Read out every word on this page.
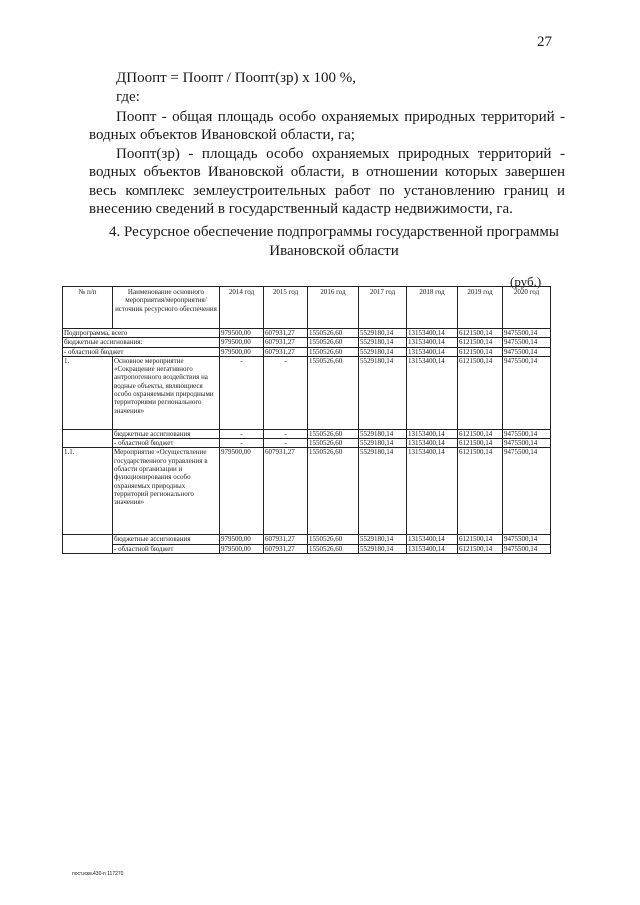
27
ДПоопт = Поопт / Поопт(зр) х 100 %,
где:
Поопт - общая площадь особо охраняемых природных территорий - водных объектов Ивановской области, га;
Поопт(зр) - площадь особо охраняемых природных территорий - водных объектов Ивановской области, в отношении которых завершен весь комплекс землеустроительных работ по установлению границ и внесению сведений в государственный кадастр недвижимости, га.
4. Ресурсное обеспечение подпрограммы государственной программы Ивановской области
(руб.)
№ п/п	Наименование основного мероприятия/мероприятия/ источник ресурсного обеспечения	2014 год	2015 год	2016 год	2017 год	2018 год	2019 год	2020 год
Подпрограмма, всего		979500,00	607931,27	1550526,60	5529180,14	13153400,14	6121500,14	9475500,14
бюджетные ассигнования:		979500,00	607931,27	1550526,60	5529180,14	13153400,14	6121500,14	9475500,14
- областной бюджет		979500,00	607931,27	1550526,60	5529180,14	13153400,14	6121500,14	9475500,14
1.	Основное мероприятие «Сокращение негативного антропогенного воздействия на водные объекты, являющиеся особо охраняемыми природными территориями регионального значения»	-	-	1550526,60	5529180,14	13153400,14	6121500,14	9475500,14
	бюджетные ассигнования	-	-	1550526,60	5529180,14	13153400,14	6121500,14	9475500,14
	- областной бюджет	-	-	1550526,60	5529180,14	13153400,14	6121500,14	9475500,14
1.1.	Мероприятие «Осуществление государственного управления в области организации и функционирования особо охраняемых природных территорий регионального значения»	979500,00	607931,27	1550526,60	5529180,14	13153400,14	6121500,14	9475500,14
	бюджетные ассигнования	979500,00	607931,27	1550526,60	5529180,14	13153400,14	6121500,14	9475500,14
	- областной бюджет	979500,00	607931,27	1550526,60	5529180,14	13153400,14	6121500,14	9475500,14
пост.изм.430-п 117270
